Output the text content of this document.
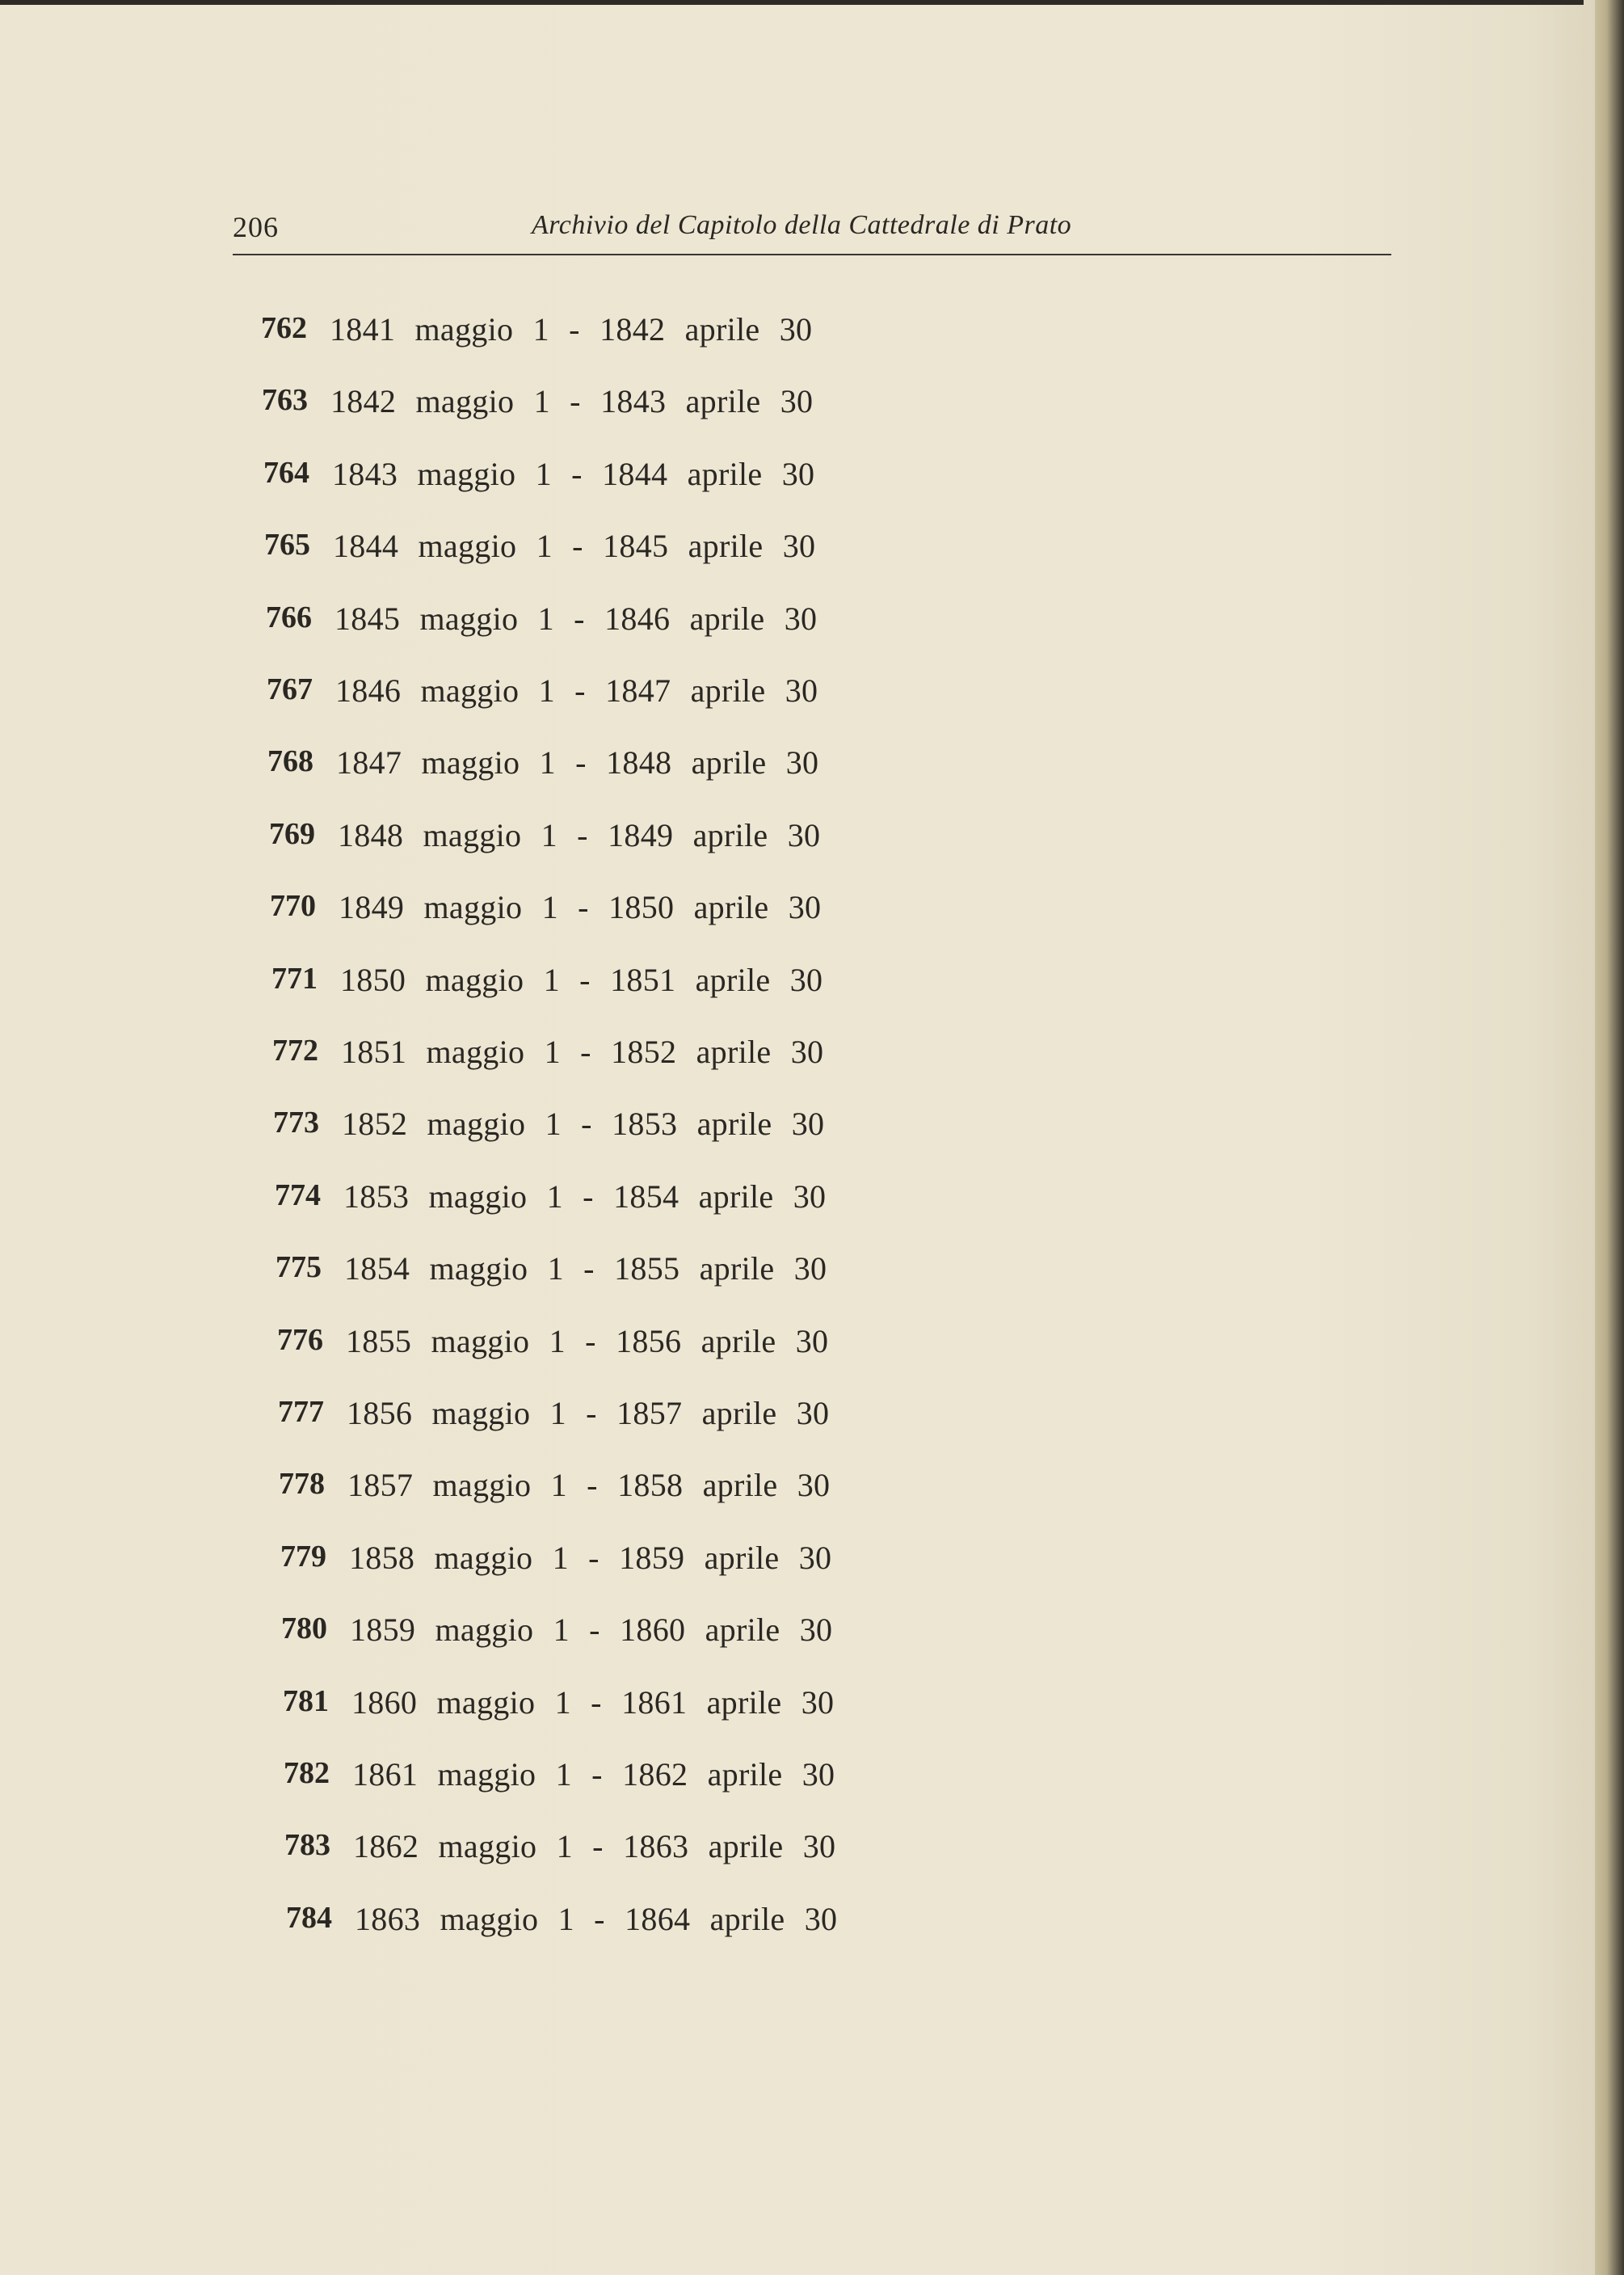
206	Archivio del Capitolo della Cattedrale di Prato
762 1841 maggio 1 - 1842 aprile 30
763 1842 maggio 1 - 1843 aprile 30
764 1843 maggio 1 - 1844 aprile 30
765 1844 maggio 1 - 1845 aprile 30
766 1845 maggio 1 - 1846 aprile 30
767 1846 maggio 1 - 1847 aprile 30
768 1847 maggio 1 - 1848 aprile 30
769 1848 maggio 1 - 1849 aprile 30
770 1849 maggio 1 - 1850 aprile 30
771 1850 maggio 1 - 1851 aprile 30
772 1851 maggio 1 - 1852 aprile 30
773 1852 maggio 1 - 1853 aprile 30
774 1853 maggio 1 - 1854 aprile 30
775 1854 maggio 1 - 1855 aprile 30
776 1855 maggio 1 - 1856 aprile 30
777 1856 maggio 1 - 1857 aprile 30
778 1857 maggio 1 - 1858 aprile 30
779 1858 maggio 1 - 1859 aprile 30
780 1859 maggio 1 - 1860 aprile 30
781 1860 maggio 1 - 1861 aprile 30
782 1861 maggio 1 - 1862 aprile 30
783 1862 maggio 1 - 1863 aprile 30
784 1863 maggio 1 - 1864 aprile 30
